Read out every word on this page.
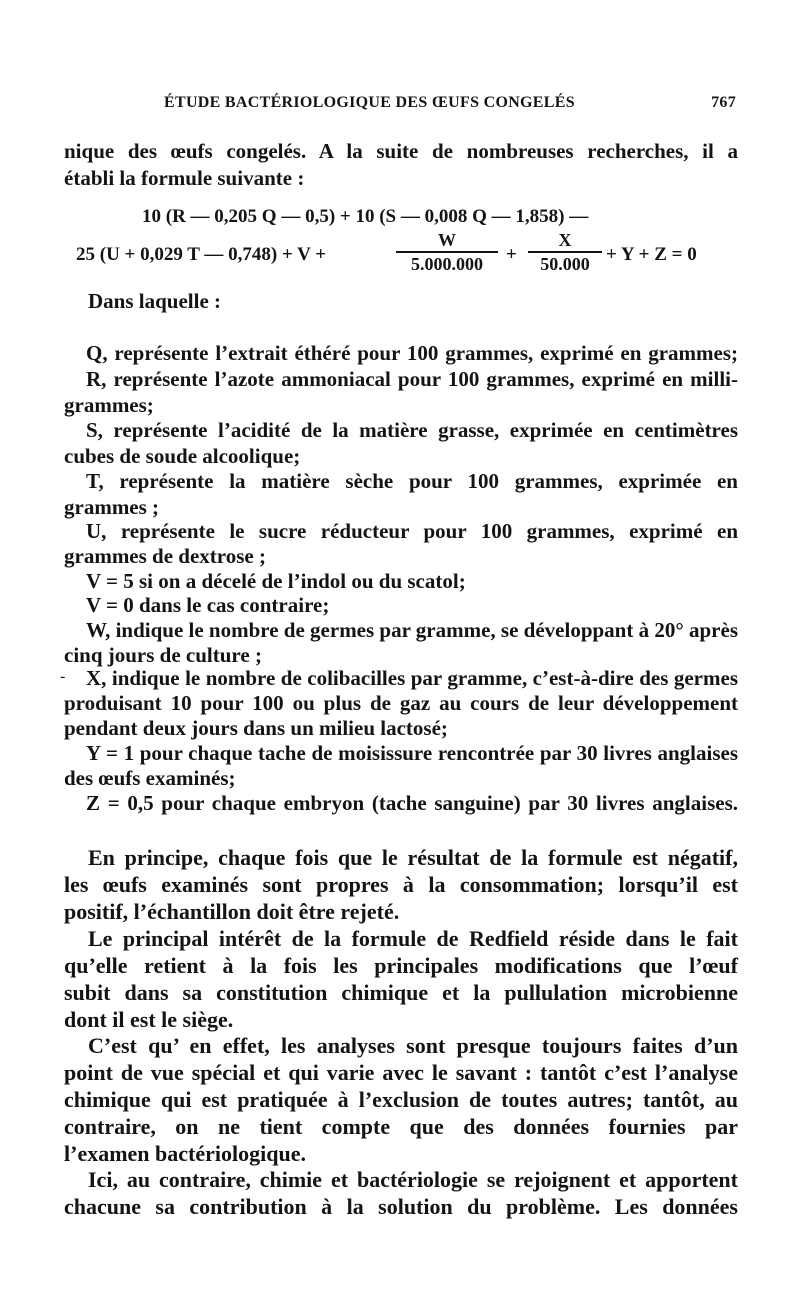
ÉTUDE BACTÉRIOLOGIQUE DES ŒUFS CONGELÉS	767

nique des œufs congelés. A la suite de nombreuses recherches, il a

établi la formule suivante :

10 (R — 0,205 Q — 0,5) + 10 (S — 0,008 Q — 1,858) —
25 (U + 0,029 T — 0,748) + V +
W
5.000.000	+
X
50.000 + Y + Z = 0

Dans laquelle :

Q, représente l’extrait éthéré pour 100 grammes, exprimé en grammes;

R, représente l’azote ammoniacal pour 100 grammes, exprimé en milli-

grammes;

S, représente l’acidité de la matière grasse, exprimée en centimètres

cubes de soude alcoolique;

T, représente la matière sèche pour 100 grammes, exprimée en

grammes ;

U, représente le sucre réducteur pour 100 grammes, exprimé en

grammes de dextrose ;

V = 5 si on a décelé de l’indol ou du scatol;

V = 0 dans le cas contraire;

W, indique le nombre de germes par gramme, se développant à 20° après

cinq jours de culture ;

- X, indique le nombre de colibacilles par gramme, c’est-à-dire des germes

produisant 10 pour 100 ou plus de gaz au cours de leur développement

pendant deux jours dans un milieu lactosé;

Y = 1 pour chaque tache de moisissure rencontrée par 30 livres anglaises

des œufs examinés;

Z = 0,5 pour chaque embryon (tache sanguine) par 30 livres anglaises.

En principe, chaque fois que le résultat de la formule est négatif,

les œufs examinés sont propres à la consommation; lorsqu’il est

positif, l’échantillon doit être rejeté.

Le principal intérêt de la formule de Redfield réside dans le fait

qu’elle retient à la fois les principales modifications que l’œuf

subit dans sa constitution chimique et la pullulation microbienne

dont il est le siège.

C’est qu’ en effet, les analyses sont presque toujours faites d’un

point de vue spécial et qui varie avec le savant : tantôt c’est l’analyse

chimique qui est pratiquée à l’exclusion de toutes autres; tantôt, au

contraire, on ne tient compte que des données fournies par

l’examen bactériologique.

Ici, au contraire, chimie et bactériologie se rejoignent et apportent

chacune sa contribution à la solution du problème. Les données
